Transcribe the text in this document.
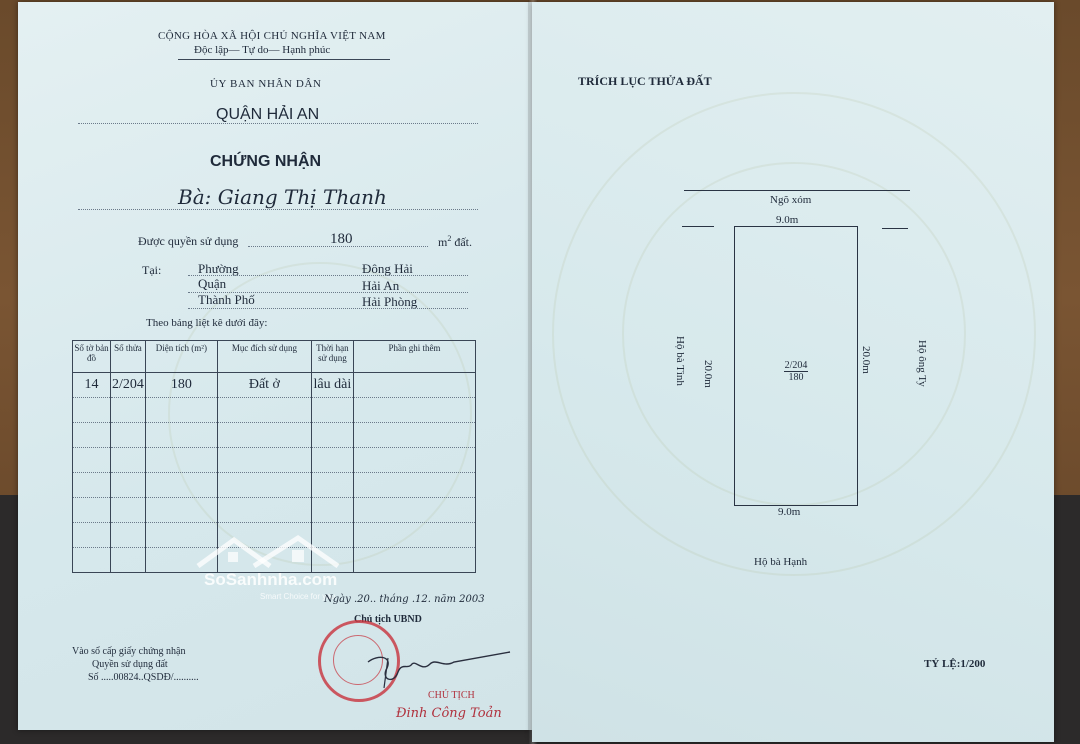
CỘNG HÒA XÃ HỘI CHỦ NGHĨA VIỆT NAM
Độc lập— Tự do— Hạnh phúc
ỦY BAN NHÂN DÂN
QUẬN HẢI AN
CHỨNG NHẬN
Bà: Giang Thị Thanh
Được quyền sử dụng	180	$m^2$ đất.
Tại:	Phường	Đông Hải
Quận	Hải An
Thành Phố	Hải Phòng
Theo bảng liệt kê dưới đây:
Số tờ bản đồ	Số thửa	Diện tích (m²)	Mục đích sử dụng	Thời hạn sử dụng	Phần ghi thêm
14	2/204	180	Đất ở	lâu dài	

SoSanhnha.com
Smart Choice for you
Ngày .20.. tháng .12. năm 2003
Chủ tịch UBND
CHỦ TỊCH
Đinh Công Toản
Vào sổ cấp giấy chứng nhận
Quyền sử dụng đất
Số .....00824..QSDĐ/..........
TRÍCH LỤC THỬA ĐẤT
Ngõ xóm
9.0m
2/204
180
20.0m
20.0m
Hộ bà Tình	Hộ ông Ty
9.0m
Hộ bà Hạnh
TỶ LỆ:1/200
